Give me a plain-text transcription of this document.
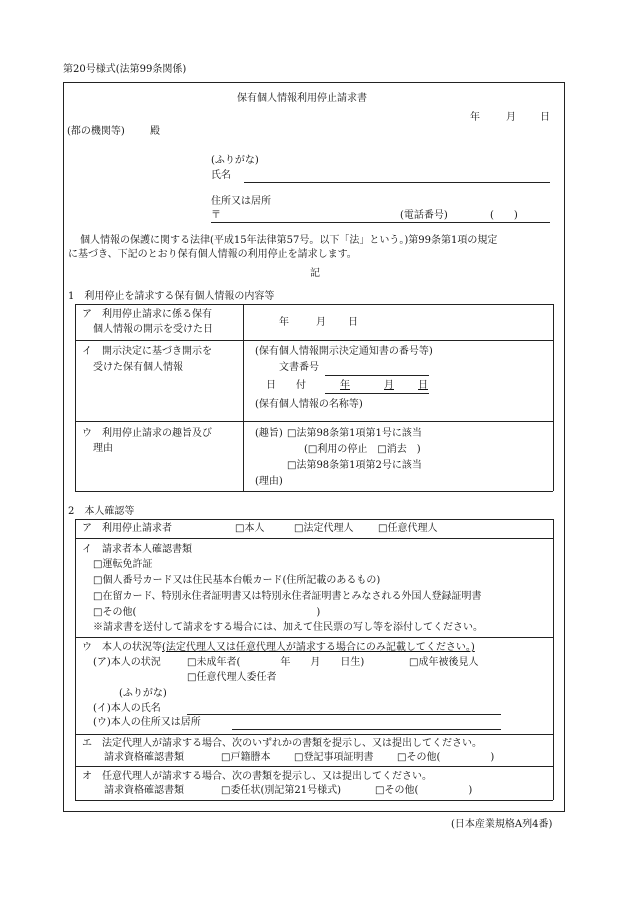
第20号様式(法第99条関係)
保有個人情報利用停止請求書
年	月 日
(都の機関等)	殿
(ふりがな)
氏名
住所又は居所
〒	(電話番号)	(　　)
個人情報の保護に関する法律(平成15年法律第57号。以下「法」という。)第99条第1項の規定
に基づき、下記のとおり保有個人情報の利用停止を請求します。
記
1　利用停止を請求する保有個人情報の内容等
ア　利用停止請求に係る保有
個人情報の開示を受けた日
年	月 日
イ　開示決定に基づき開示を
受けた保有個人情報
(保有個人情報開示決定通知書の番号等)
文書番号
日　　付	年	月 日
(保有個人情報の名称等)
ウ　利用停止請求の趣旨及び
理由
(趣旨) □法第98条第1項第1号に該当
(□利用の停止　□消去　)
□法第98条第1項第2号に該当
(理由)
2　本人確認等
ア　利用停止請求者	□本人	□法定代理人 □任意代理人
イ　請求者本人確認書類
□運転免許証
□個人番号カード又は住民基本台帳カード(住所記載のあるもの)
□在留カード、特別永住者証明書又は特別永住者証明書とみなされる外国人登録証明書
□その他(　　　　　　　　　　　　　　　　　　)
※請求書を送付して請求をする場合には、加えて住民票の写し等を添付してください。
ウ　本人の状況等(法定代理人又は任意代理人が請求する場合にのみ記載してください。)
(ア)本人の状況	□未成年者(　　　　年　　月　　日生)	□成年被後見人
□任意代理人委任者
(ふりがな)
(イ)本人の氏名
(ウ)本人の住所又は居所
エ　法定代理人が請求する場合、次のいずれかの書類を提示し、又は提出してください。
請求資格確認書類	□戸籍謄本 □登記事項証明書 □その他(　　　　　)
オ　任意代理人が請求する場合、次の書類を提示し、又は提出してください。
請求資格確認書類	□委任状(別記第21号様式)	□その他(　　　　　)
(日本産業規格A列4番)
